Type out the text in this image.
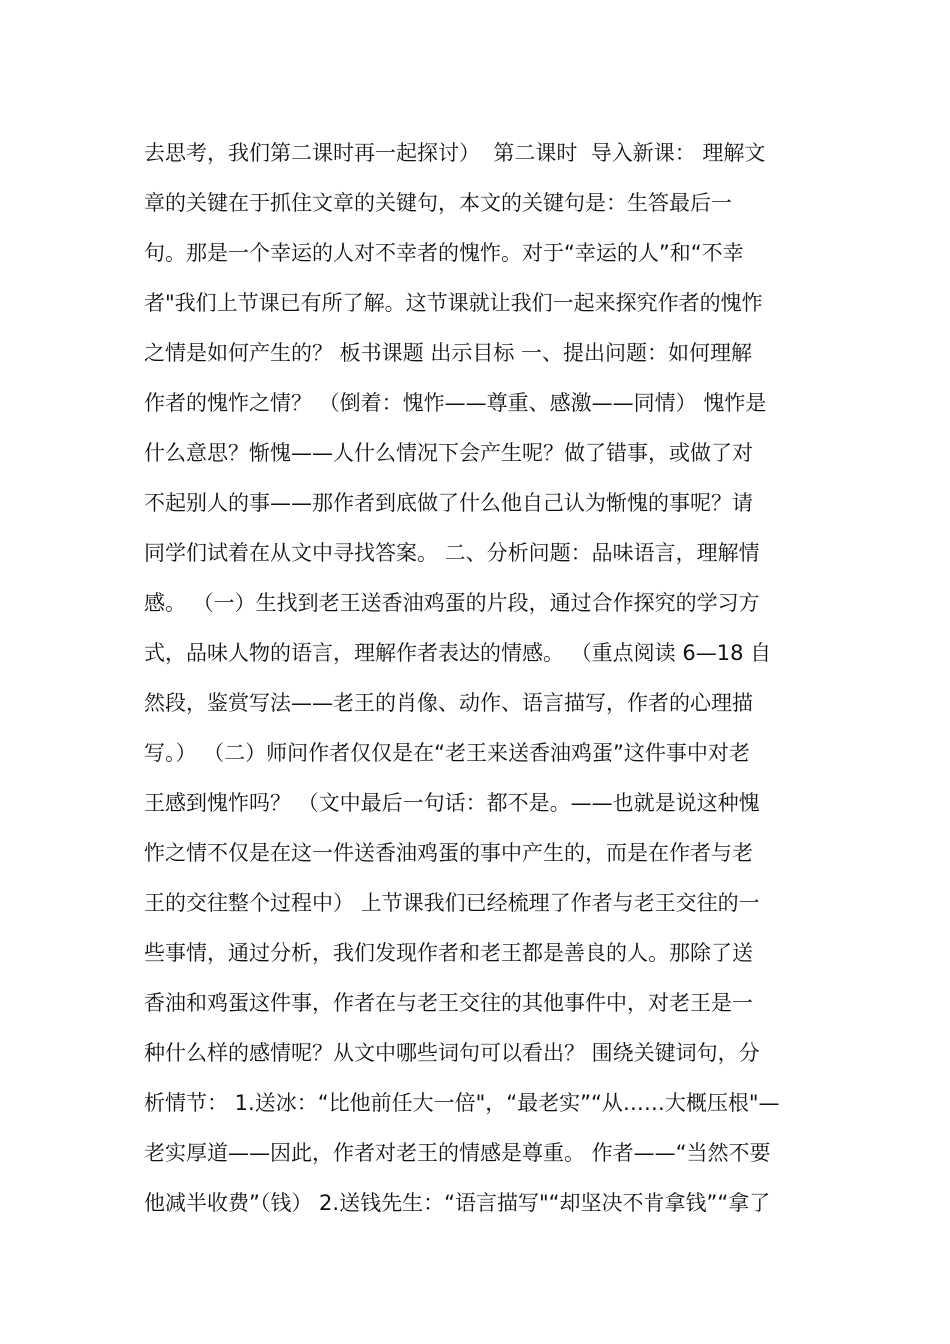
去思考，我们第二课时再一起探讨）  第二课时  导入新课： 理解文
章的关键在于抓住文章的关键句，本文的关键句是：生答最后一
句。那是一个幸运的人对不幸者的愧怍。对于“幸运的人”和“不幸
者"我们上节课已有所了解。这节课就让我们一起来探究作者的愧怍
之情是如何产生的？ 板书课题 出示目标 一、提出问题：如何理解
作者的愧怍之情？ （倒着：愧怍——尊重、感激——同情） 愧怍是
什么意思？惭愧——人什么情况下会产生呢？做了错事，或做了对
不起别人的事——那作者到底做了什么他自己认为惭愧的事呢？请
同学们试着在从文中寻找答案。 二、分析问题：品味语言，理解情
感。 （一）生找到老王送香油鸡蛋的片段，通过合作探究的学习方
式，品味人物的语言，理解作者表达的情感。 （重点阅读 6—18 自
然段，鉴赏写法——老王的肖像、动作、语言描写，作者的心理描
写。） （二）师问作者仅仅是在“老王来送香油鸡蛋”这件事中对老
王感到愧怍吗？ （文中最后一句话：都不是。——也就是说这种愧
怍之情不仅是在这一件送香油鸡蛋的事中产生的，而是在作者与老
王的交往整个过程中） 上节课我们已经梳理了作者与老王交往的一
些事情，通过分析，我们发现作者和老王都是善良的人。那除了送
香油和鸡蛋这件事，作者在与老王交往的其他事件中，对老王是一
种什么样的感情呢？从文中哪些词句可以看出？ 围绕关键词句，分
析情节： 1.送冰：“比他前任大一倍"，“最老实”“从……大概压根"—
老实厚道——因此，作者对老王的情感是尊重。 作者——“当然不要
他减半收费”（钱） 2.送钱先生：“语言描写"“却坚决不肯拿钱”“拿了
